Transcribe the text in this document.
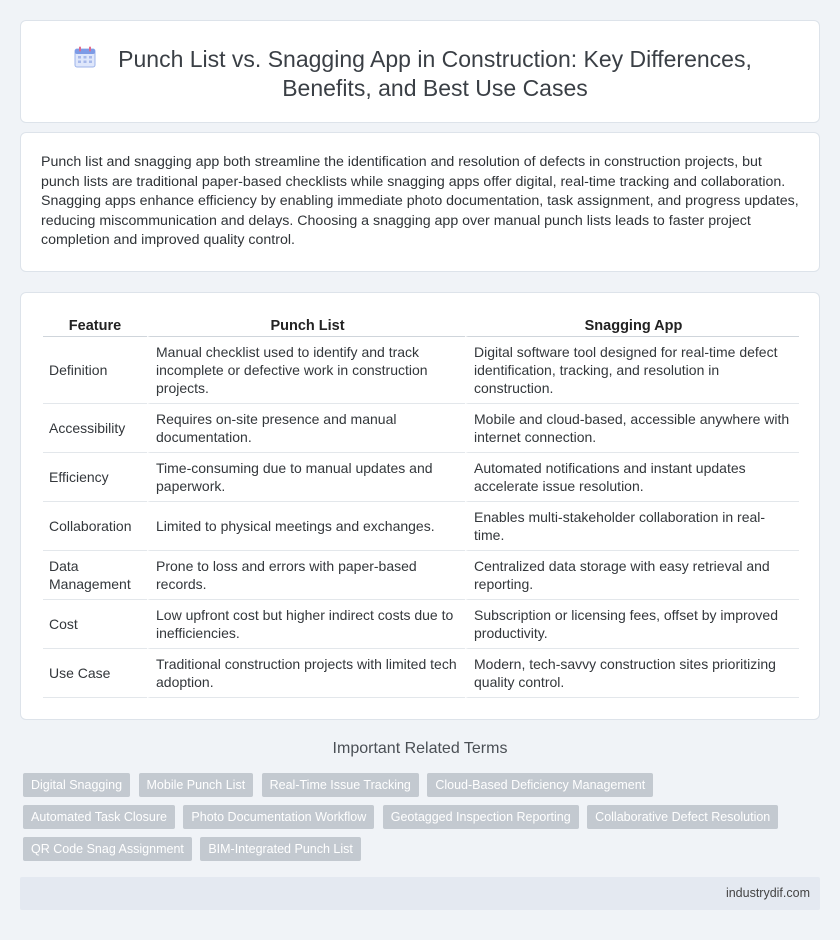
Punch List vs. Snagging App in Construction: Key Differences, Benefits, and Best Use Cases

Punch list and snagging app both streamline the identification and resolution of defects in construction projects, but punch lists are traditional paper-based checklists while snagging apps offer digital, real-time tracking and collaboration. Snagging apps enhance efficiency by enabling immediate photo documentation, task assignment, and progress updates, reducing miscommunication and delays. Choosing a snagging app over manual punch lists leads to faster project completion and improved quality control.

Feature	Punch List	Snagging App
Definition	Manual checklist used to identify and track incomplete or defective work in construction projects.	Digital software tool designed for real-time defect identification, tracking, and resolution in construction.
Accessibility	Requires on-site presence and manual documentation.	Mobile and cloud-based, accessible anywhere with internet connection.
Efficiency	Time-consuming due to manual updates and paperwork.	Automated notifications and instant updates accelerate issue resolution.
Collaboration	Limited to physical meetings and exchanges.	Enables multi-stakeholder collaboration in real-time.
Data Management	Prone to loss and errors with paper-based records.	Centralized data storage with easy retrieval and reporting.
Cost	Low upfront cost but higher indirect costs due to inefficiencies.	Subscription or licensing fees, offset by improved productivity.
Use Case	Traditional construction projects with limited tech adoption.	Modern, tech-savvy construction sites prioritizing quality control.
Important Related Terms
Digital Snagging Mobile Punch List Real-Time Issue Tracking Cloud-Based Deficiency Management Automated Task Closure Photo Documentation Workflow Geotagged Inspection Reporting Collaborative Defect Resolution QR Code Snag Assignment BIM-Integrated Punch List
industrydif.com
